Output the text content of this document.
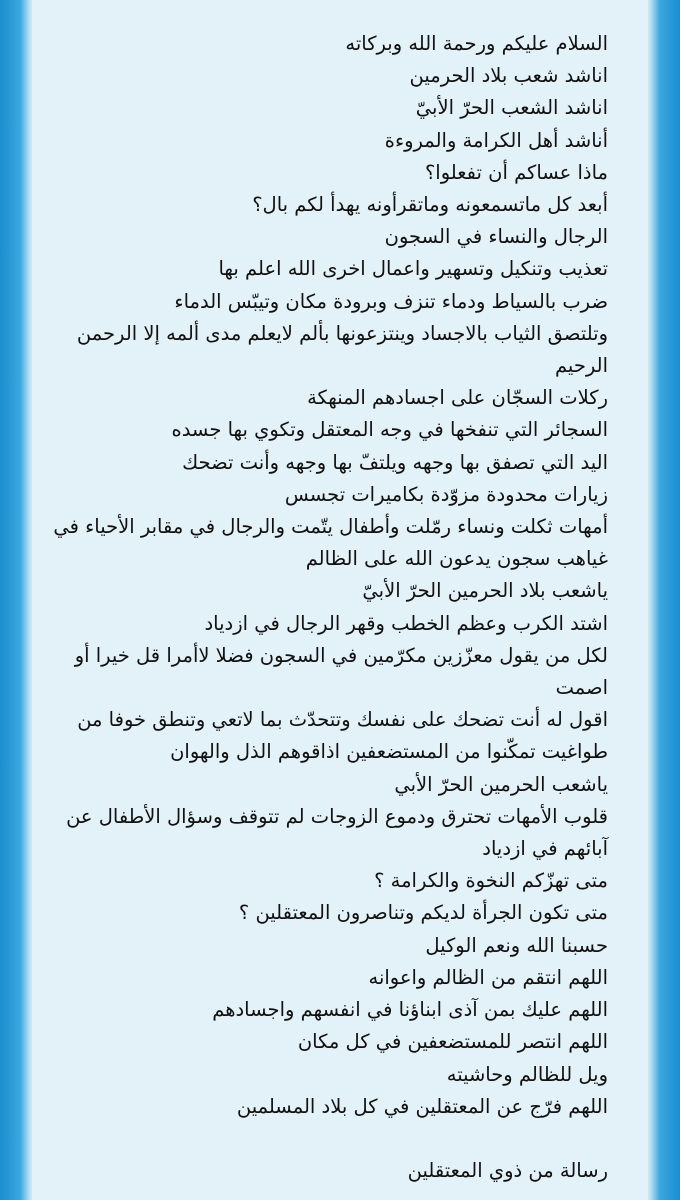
السلام عليكم ورحمة الله وبركاته
اناشد شعب بلاد الحرمين
اناشد الشعب الحرّ الأبيّ
أناشد أهل الكرامة والمروءة
ماذا عساكم أن تفعلوا؟
أبعد كل ماتسمعونه وماتقرأونه يهدأ لكم بال؟
الرجال والنساء في السجون
تعذيب وتنكيل وتسهير واعمال اخرى الله اعلم بها
ضرب بالسياط ودماء تنزف وبرودة مكان وتيبّس الدماء
وتلتصق الثياب بالاجساد وينتزعونها بألم لايعلم مدى ألمه إلا الرحمن الرحيم
ركلات السجّان على اجسادهم المنهكة
السجائر التي تنفخها في وجه المعتقل وتكوي بها جسده
اليد التي تصفق بها وجهه ويلتفّ بها وجهه وأنت تضحك
زيارات محدودة مزوّدة بكاميرات تجسس
أمهات ثكلت ونساء رمّلت وأطفال يتّمت والرجال في مقابر الأحياء في غياهب سجون يدعون الله على الظالم
ياشعب بلاد الحرمين الحرّ الأبيّ
اشتد الكرب وعظم الخطب وقهر الرجال في ازدياد
لكل من يقول معزّزين مكرّمين في السجون فضلا لاأمرا قل خيرا أو اصمت
اقول له أنت تضحك على نفسك وتتحدّث بما لاتعي وتنطق خوفا من طواغيت تمكّنوا من المستضعفين اذاقوهم الذل والهوان
ياشعب الحرمين الحرّ الأبي
قلوب الأمهات تحترق ودموع الزوجات لم تتوقف وسؤال الأطفال عن آبائهم في ازدياد
متى تهزّكم النخوة والكرامة ؟
متى تكون الجرأة لديكم وتناصرون المعتقلين ؟
حسبنا الله ونعم الوكيل
اللهم انتقم من الظالم واعوانه
اللهم عليك بمن آذى ابناؤنا في انفسهم واجسادهم
اللهم انتصر للمستضعفين في كل مكان
ويل للظالم وحاشيته
اللهم فرّج عن المعتقلين في كل بلاد المسلمين
رسالة من ذوي المعتقلين
